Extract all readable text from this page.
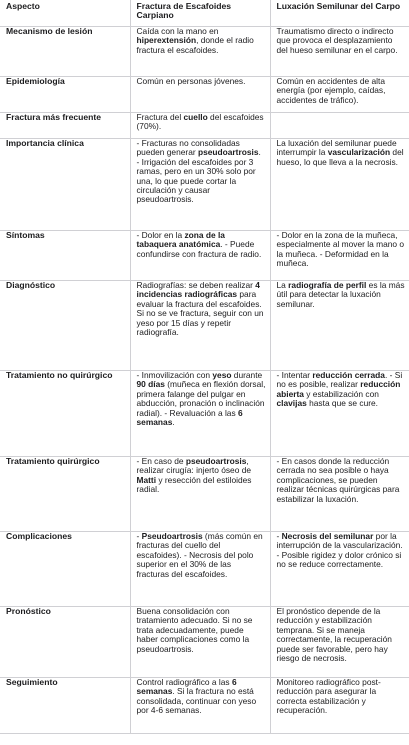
Aspecto	Fractura de Escafoides Carpiano	Luxación Semilunar del Carpo
Mecanismo de lesión	Caída con la mano en hiperextensión, donde el radio fractura el escafoides.	Traumatismo directo o indirecto que provoca el desplazamiento del hueso semilunar en el carpo.
Epidemiología	Común en personas jóvenes.	Común en accidentes de alta energía (por ejemplo, caídas, accidentes de tráfico).
Fractura más frecuente	Fractura del cuello del escafoides (70%).	
Importancia clínica	- Fracturas no consolidadas pueden generar pseudoartrosis. - Irrigación del escafoides por 3 ramas, pero en un 30% solo por una, lo que puede cortar la circulación y causar pseudoartrosis.	La luxación del semilunar puede interrumpir la vascularización del hueso, lo que lleva a la necrosis.
Síntomas	- Dolor en la zona de la tabaquera anatómica. - Puede confundirse con fractura de radio.	- Dolor en la zona de la muñeca, especialmente al mover la mano o la muñeca. - Deformidad en la muñeca.
Diagnóstico	Radiografías: se deben realizar 4 incidencias radiográficas para evaluar la fractura del escafoides. Si no se ve fractura, seguir con un yeso por 15 días y repetir radiografía.	La radiografía de perfil es la más útil para detectar la luxación semilunar.
Tratamiento no quirúrgico	- Inmovilización con yeso durante 90 días (muñeca en flexión dorsal, primera falange del pulgar en abducción, pronación o inclinación radial). - Revaluación a las 6 semanas.	- Intentar reducción cerrada. - Si no es posible, realizar reducción abierta y estabilización con clavijas hasta que se cure.
Tratamiento quirúrgico	- En caso de pseudoartrosis, realizar cirugía: injerto óseo de Matti y resección del estiloides radial.	- En casos donde la reducción cerrada no sea posible o haya complicaciones, se pueden realizar técnicas quirúrgicas para estabilizar la luxación.
Complicaciones	- Pseudoartrosis (más común en fracturas del cuello del escafoides). - Necrosis del polo superior en el 30% de las fracturas del escafoides.	- Necrosis del semilunar por la interrupción de la vascularización. - Posible rigidez y dolor crónico si no se reduce correctamente.
Pronóstico	Buena consolidación con tratamiento adecuado. Si no se trata adecuadamente, puede haber complicaciones como la pseudoartrosis.	El pronóstico depende de la reducción y estabilización temprana. Si se maneja correctamente, la recuperación puede ser favorable, pero hay riesgo de necrosis.
Seguimiento	Control radiográfico a las 6 semanas. Si la fractura no está consolidada, continuar con yeso por 4-6 semanas.	Monitoreo radiográfico post-reducción para asegurar la correcta estabilización y recuperación.
